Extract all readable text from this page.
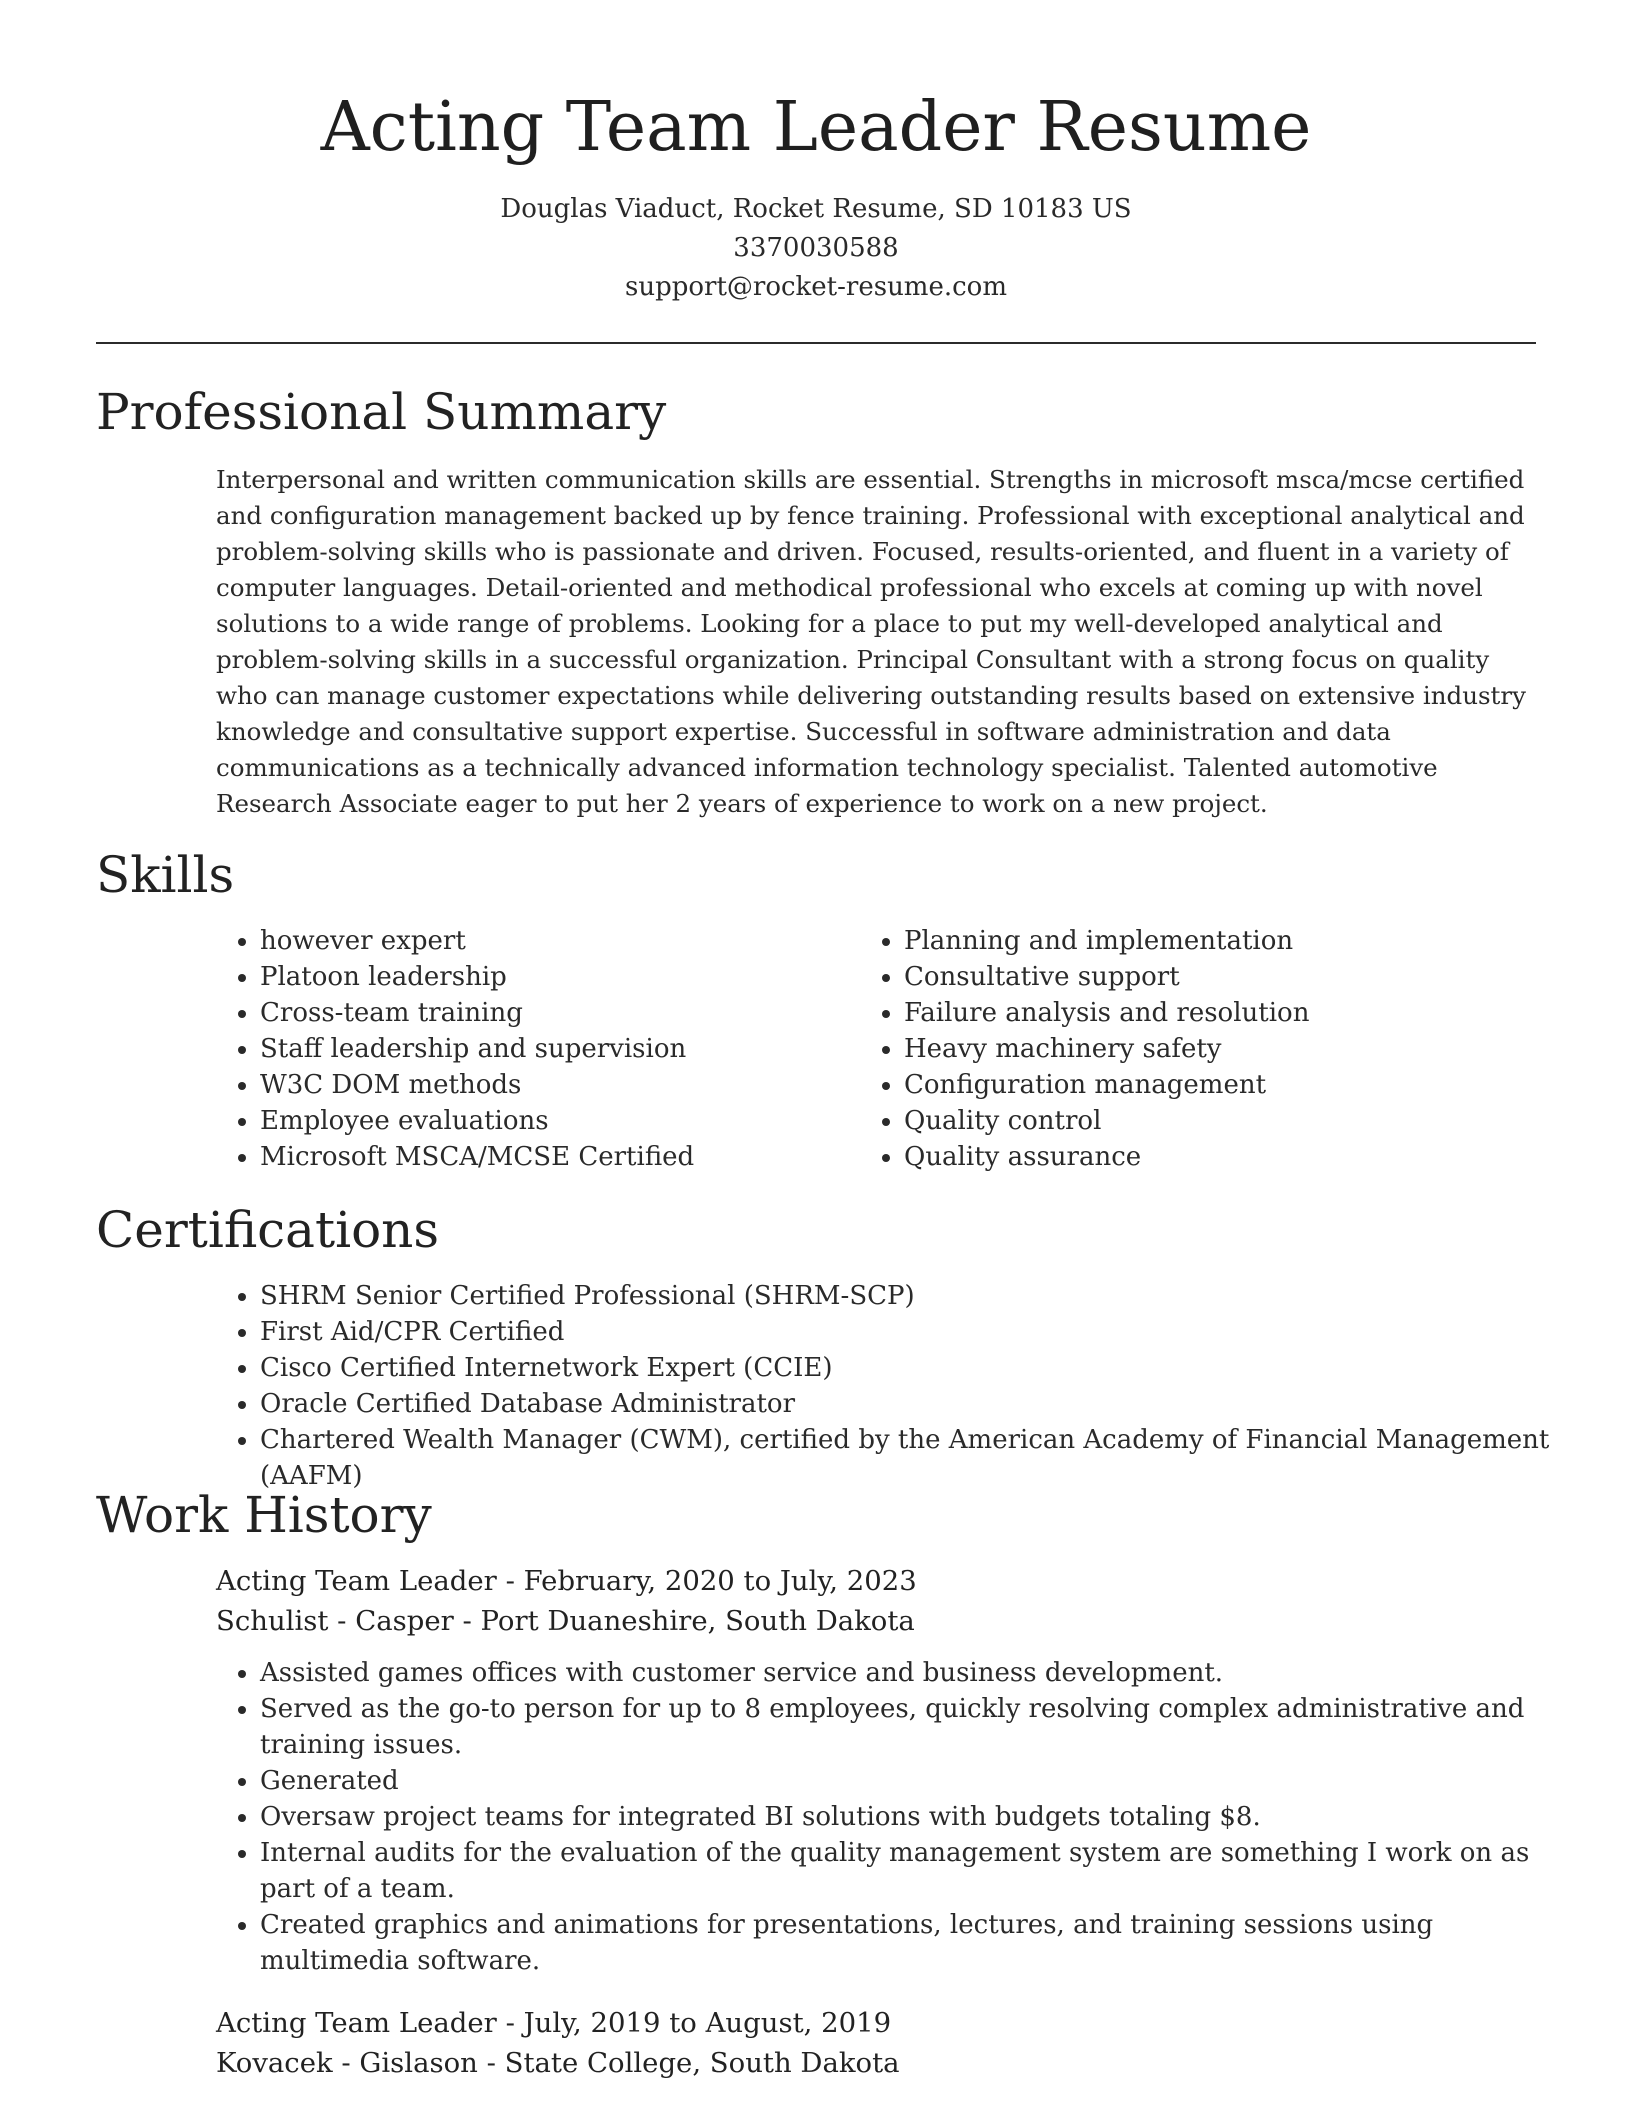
Acting Team Leader Resume
Douglas Viaduct, Rocket Resume, SD 10183 US
3370030588
support@rocket-resume.com
Professional Summary

Interpersonal and written communication skills are essential. Strengths in microsoft msca/mcse certified and configuration management backed up by fence training. Professional with exceptional analytical and problem-solving skills who is passionate and driven. Focused, results-oriented, and fluent in a variety of computer languages. Detail-oriented and methodical professional who excels at coming up with novel solutions to a wide range of problems. Looking for a place to put my well-developed analytical and problem-solving skills in a successful organization. Principal Consultant with a strong focus on quality who can manage customer expectations while delivering outstanding results based on extensive industry knowledge and consultative support expertise. Successful in software administration and data communications as a technically advanced information technology specialist. Talented automotive Research Associate eager to put her 2 years of experience to work on a new project.

Skills
• however expert
• Platoon leadership
• Cross-team training
• Staff leadership and supervision
• W3C DOM methods
• Employee evaluations
• Microsoft MSCA/MCSE Certified
• Planning and implementation
• Consultative support
• Failure analysis and resolution
• Heavy machinery safety
• Configuration management
• Quality control
• Quality assurance
Certifications
• SHRM Senior Certified Professional (SHRM-SCP)
• First Aid/CPR Certified
• Cisco Certified Internetwork Expert (CCIE)
• Oracle Certified Database Administrator
• Chartered Wealth Manager (CWM), certified by the American Academy of Financial Management (AAFM)
Work History
Acting Team Leader - February, 2020 to July, 2023
Schulist - Casper - Port Duaneshire, South Dakota
• Assisted games offices with customer service and business development.
• Served as the go-to person for up to 8 employees, quickly resolving complex administrative and training issues.
• Generated
• Oversaw project teams for integrated BI solutions with budgets totaling $8.
• Internal audits for the evaluation of the quality management system are something I work on as part of a team.
• Created graphics and animations for presentations, lectures, and training sessions using multimedia software.
Acting Team Leader - July, 2019 to August, 2019
Kovacek - Gislason - State College, South Dakota
